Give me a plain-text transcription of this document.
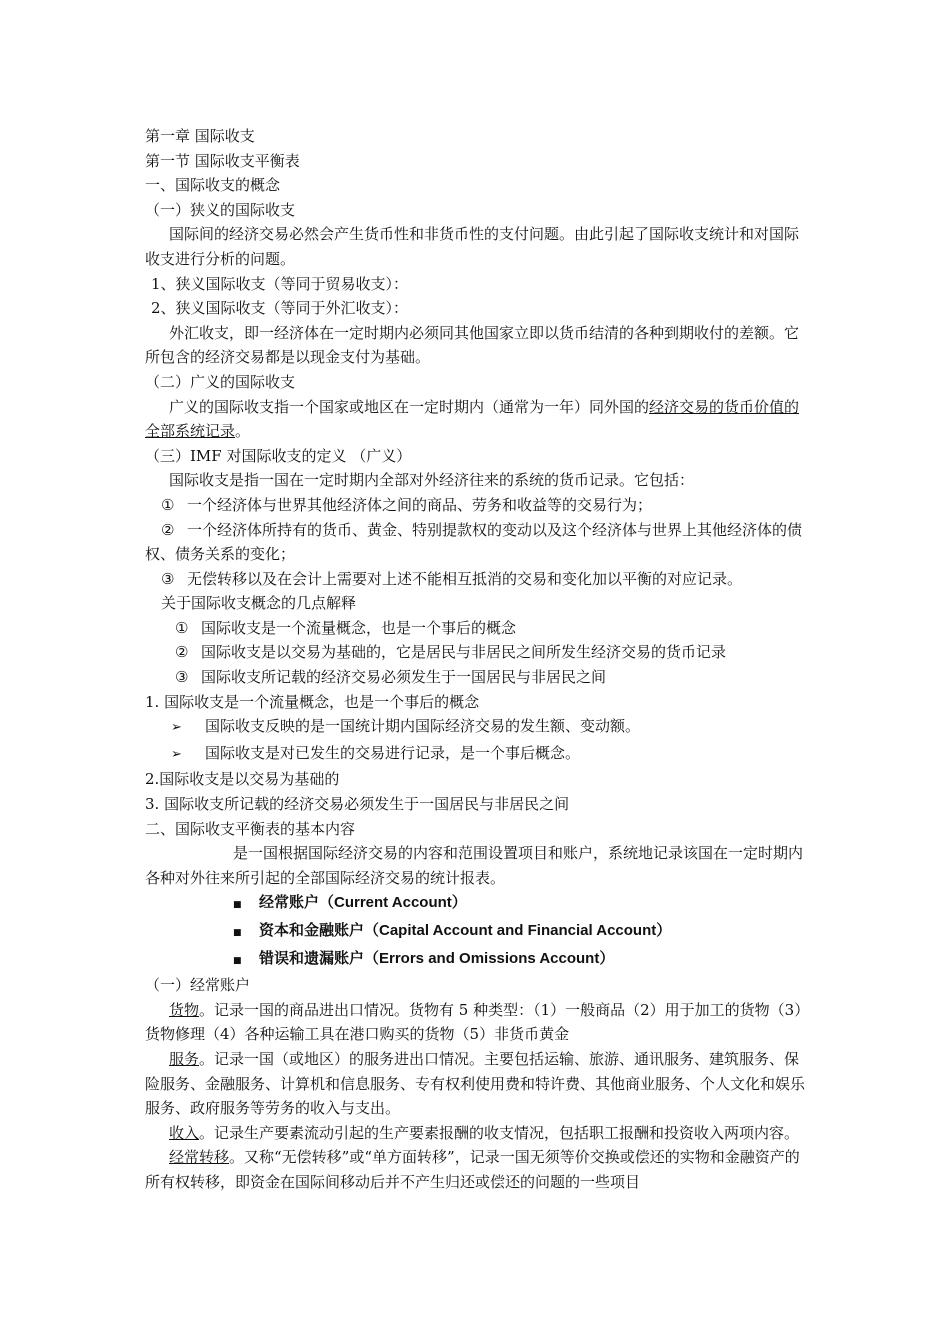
第一章 国际收支

第一节 国际收支平衡表

一、国际收支的概念

（一）狭义的国际收支

国际间的经济交易必然会产生货币性和非货币性的支付问题。由此引起了国际收支统计和对国际收支进行分析的问题。

1、狭义国际收支（等同于贸易收支）：

2、狭义国际收支（等同于外汇收支）：

外汇收支，即一经济体在一定时期内必须同其他国家立即以货币结清的各种到期收付的差额。它所包含的经济交易都是以现金支付为基础。

（二）广义的国际收支

广义的国际收支指一个国家或地区在一定时期内（通常为一年）同外国的经济交易的货币价值的全部系统记录。

（三）IMF 对国际收支的定义 （广义）

国际收支是指一国在一定时期内全部对外经济往来的系统的货币记录。它包括：

① 一个经济体与世界其他经济体之间的商品、劳务和收益等的交易行为；

② 一个经济体所持有的货币、黄金、特别提款权的变动以及这个经济体与世界上其他经济体的债权、债务关系的变化；

③ 无偿转移以及在会计上需要对上述不能相互抵消的交易和变化加以平衡的对应记录。

关于国际收支概念的几点解释

① 国际收支是一个流量概念，也是一个事后的概念

② 国际收支是以交易为基础的，它是居民与非居民之间所发生经济交易的货币记录

③ 国际收支所记载的经济交易必须发生于一国居民与非居民之间

1. 国际收支是一个流量概念，也是一个事后的概念

➢ 国际收支反映的是一国统计期内国际经济交易的发生额、变动额。

➢ 国际收支是对已发生的交易进行记录，是一个事后概念。

2.国际收支是以交易为基础的

3. 国际收支所记载的经济交易必须发生于一国居民与非居民之间

二、国际收支平衡表的基本内容

是一国根据国际经济交易的内容和范围设置项目和账户，系统地记录该国在一定时期内各种对外往来所引起的全部国际经济交易的统计报表。

■ 经常账户（Current Account）

■ 资本和金融账户（Capital Account and Financial Account）

■ 错误和遗漏账户（Errors and Omissions Account）

（一）经常账户

货物。记录一国的商品进出口情况。货物有 5 种类型：（1）一般商品（2）用于加工的货物（3）货物修理（4）各种运输工具在港口购买的货物（5）非货币黄金

服务。记录一国（或地区）的服务进出口情况。主要包括运输、旅游、通讯服务、建筑服务、保险服务、金融服务、计算机和信息服务、专有权利使用费和特许费、其他商业服务、个人文化和娱乐服务、政府服务等劳务的收入与支出。

收入。记录生产要素流动引起的生产要素报酬的收支情况，包括职工报酬和投资收入两项内容。

经常转移。又称“无偿转移”或“单方面转移”，记录一国无须等价交换或偿还的实物和金融资产的所有权转移，即资金在国际间移动后并不产生归还或偿还的问题的一些项目
